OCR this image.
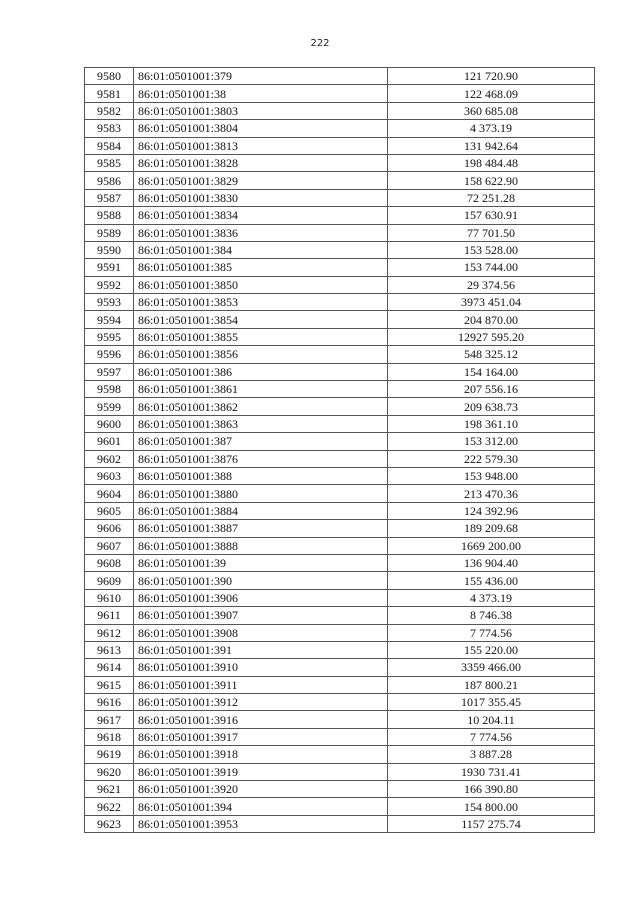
222
9580	86:01:0501001:379	121 720.90
9581	86:01:0501001:38	122 468.09
9582	86:01:0501001:3803	360 685.08
9583	86:01:0501001:3804	4 373.19
9584	86:01:0501001:3813	131 942.64
9585	86:01:0501001:3828	198 484.48
9586	86:01:0501001:3829	158 622.90
9587	86:01:0501001:3830	72 251.28
9588	86:01:0501001:3834	157 630.91
9589	86:01:0501001:3836	77 701.50
9590	86:01:0501001:384	153 528.00
9591	86:01:0501001:385	153 744.00
9592	86:01:0501001:3850	29 374.56
9593	86:01:0501001:3853	3973 451.04
9594	86:01:0501001:3854	204 870.00
9595	86:01:0501001:3855	12927 595.20
9596	86:01:0501001:3856	548 325.12
9597	86:01:0501001:386	154 164.00
9598	86:01:0501001:3861	207 556.16
9599	86:01:0501001:3862	209 638.73
9600	86:01:0501001:3863	198 361.10
9601	86:01:0501001:387	153 312.00
9602	86:01:0501001:3876	222 579.30
9603	86:01:0501001:388	153 948.00
9604	86:01:0501001:3880	213 470.36
9605	86:01:0501001:3884	124 392.96
9606	86:01:0501001:3887	189 209.68
9607	86:01:0501001:3888	1669 200.00
9608	86:01:0501001:39	136 904.40
9609	86:01:0501001:390	155 436.00
9610	86:01:0501001:3906	4 373.19
9611	86:01:0501001:3907	8 746.38
9612	86:01:0501001:3908	7 774.56
9613	86:01:0501001:391	155 220.00
9614	86:01:0501001:3910	3359 466.00
9615	86:01:0501001:3911	187 800.21
9616	86:01:0501001:3912	1017 355.45
9617	86:01:0501001:3916	10 204.11
9618	86:01:0501001:3917	7 774.56
9619	86:01:0501001:3918	3 887.28
9620	86:01:0501001:3919	1930 731.41
9621	86:01:0501001:3920	166 390.80
9622	86:01:0501001:394	154 800.00
9623	86:01:0501001:3953	1157 275.74
